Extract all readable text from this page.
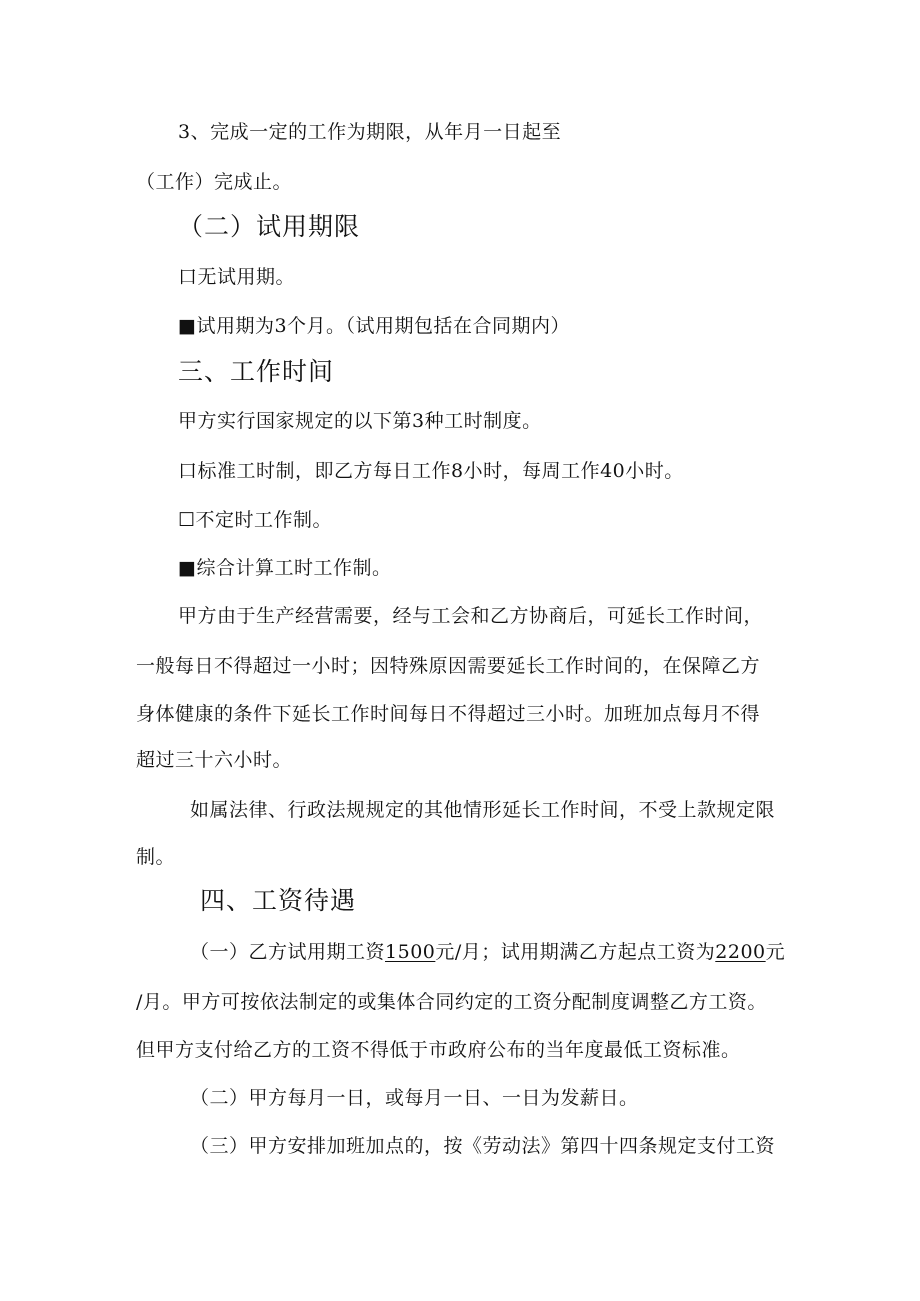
3、完成一定的工作为期限，从年月一日起至
（工作）完成止。
（二）试用期限
口无试用期。
■试用期为3个月。（试用期包括在合同期内）
三、工作时间
甲方实行国家规定的以下第3种工时制度。
口标准工时制，即乙方每日工作8小时，每周工作40小时。
☐不定时工作制。
■综合计算工时工作制。
甲方由于生产经营需要，经与工会和乙方协商后，可延长工作时间，
一般每日不得超过一小时；因特殊原因需要延长工作时间的，在保障乙方
身体健康的条件下延长工作时间每日不得超过三小时。加班加点每月不得
超过三十六小时。
如属法律、行政法规规定的其他情形延长工作时间，不受上款规定限
制。
四、工资待遇
（一）乙方试用期工资1500元/月；试用期满乙方起点工资为2200元
/月。甲方可按依法制定的或集体合同约定的工资分配制度调整乙方工资。
但甲方支付给乙方的工资不得低于市政府公布的当年度最低工资标准。
（二）甲方每月一日，或每月一日、一日为发薪日。
（三）甲方安排加班加点的，按《劳动法》第四十四条规定支付工资
